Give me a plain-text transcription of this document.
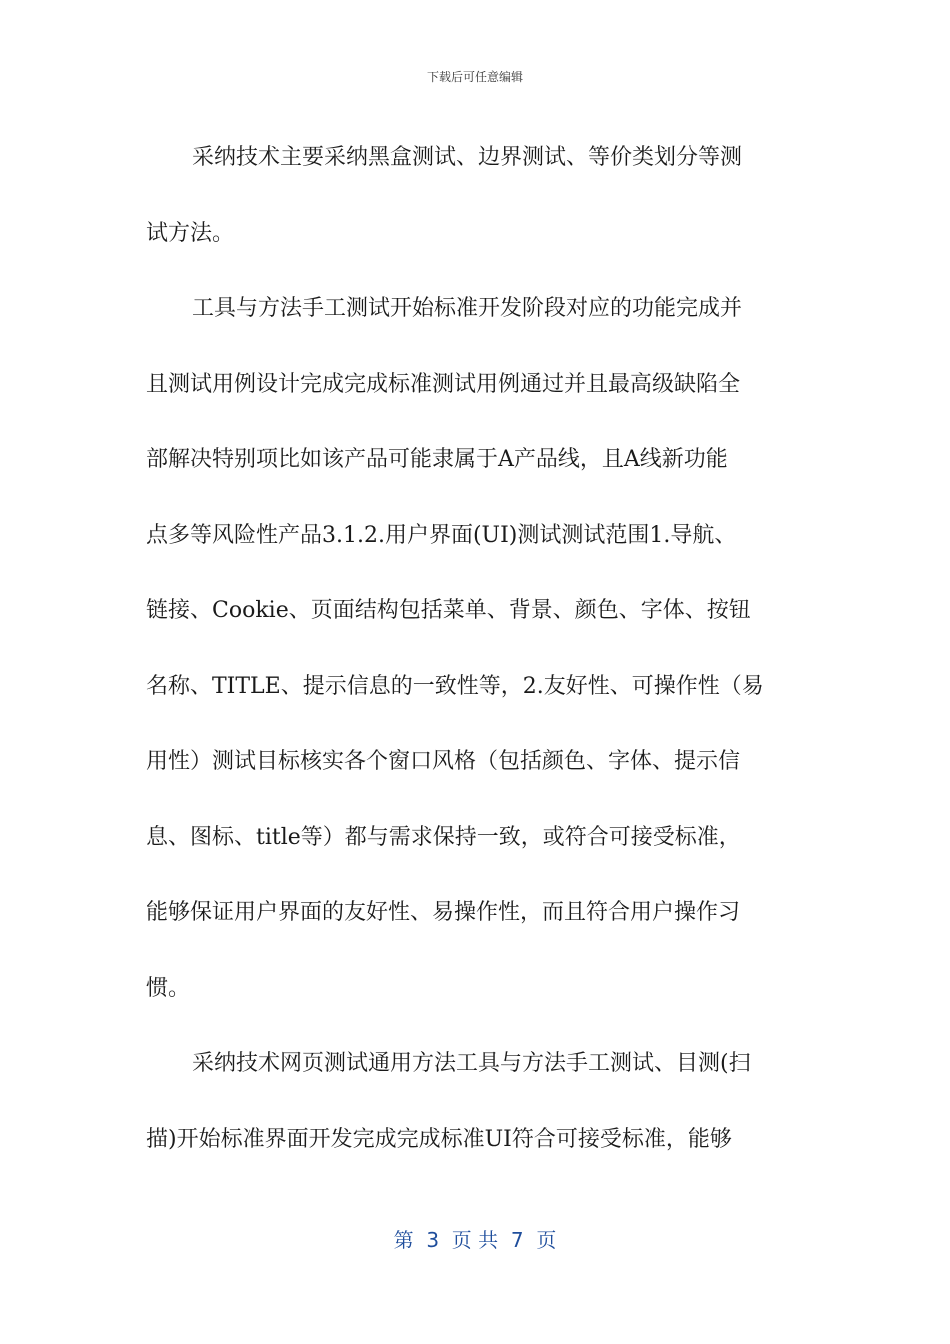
下载后可任意编辑

采纳技术主要采纳黑盒测试、边界测试、等价类划分等测
试方法。

工具与方法手工测试开始标准开发阶段对应的功能完成并
且测试用例设计完成完成标准测试用例通过并且最高级缺陷全
部解决特别项比如该产品可能隶属于A产品线，且A线新功能
点多等风险性产品3.1.2.用户界面(UI)测试测试范围1.导航、
链接、Cookie、页面结构包括菜单、背景、颜色、字体、按钮
名称、TITLE、提示信息的一致性等，2.友好性、可操作性（易
用性）测试目标核实各个窗口风格（包括颜色、字体、提示信
息、图标、title等）都与需求保持一致，或符合可接受标准，
能够保证用户界面的友好性、易操作性，而且符合用户操作习
惯。

采纳技术网页测试通用方法工具与方法手工测试、目测(扫
描)开始标准界面开发完成完成标准UI符合可接受标准，能够

第  3  页 共  7  页
